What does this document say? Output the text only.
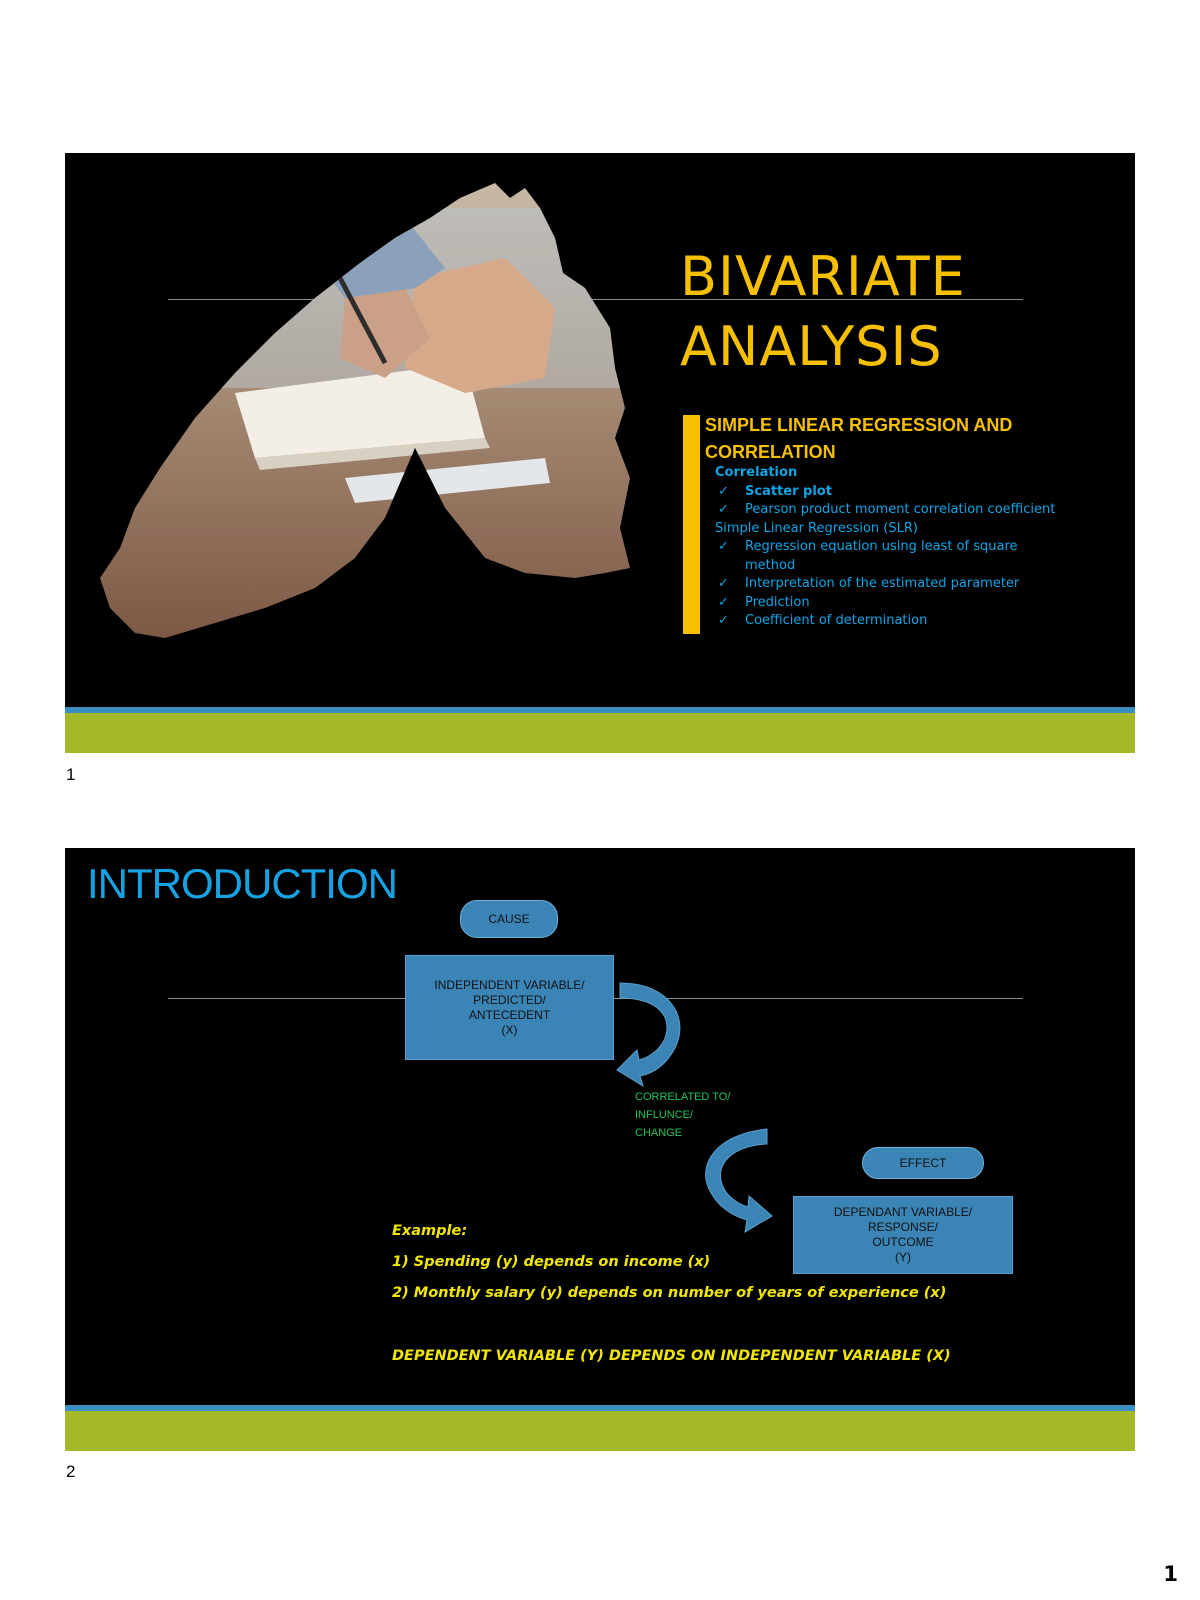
BIVARIATE
ANALYSIS
SIMPLE LINEAR REGRESSION AND
CORRELATION
Correlation
✓ Scatter plot
✓ Pearson product moment correlation coefficient
Simple Linear Regression (SLR)
✓ Regression equation using least of square method
✓ Interpretation of the estimated parameter
✓ Prediction
✓ Coefficient of determination
1
INTRODUCTION
CAUSE
INDEPENDENT VARIABLE/
PREDICTED/
ANTECEDENT
(X)
CORRELATED TO/
INFLUNCE/
CHANGE
EFFECT
DEPENDANT VARIABLE/
RESPONSE/
OUTCOME
(Y)
Example:
1) Spending (y) depends on income (x)
2) Monthly salary (y) depends on number of years of experience (x)
DEPENDENT VARIABLE (Y) DEPENDS ON INDEPENDENT VARIABLE (X)
2
1
